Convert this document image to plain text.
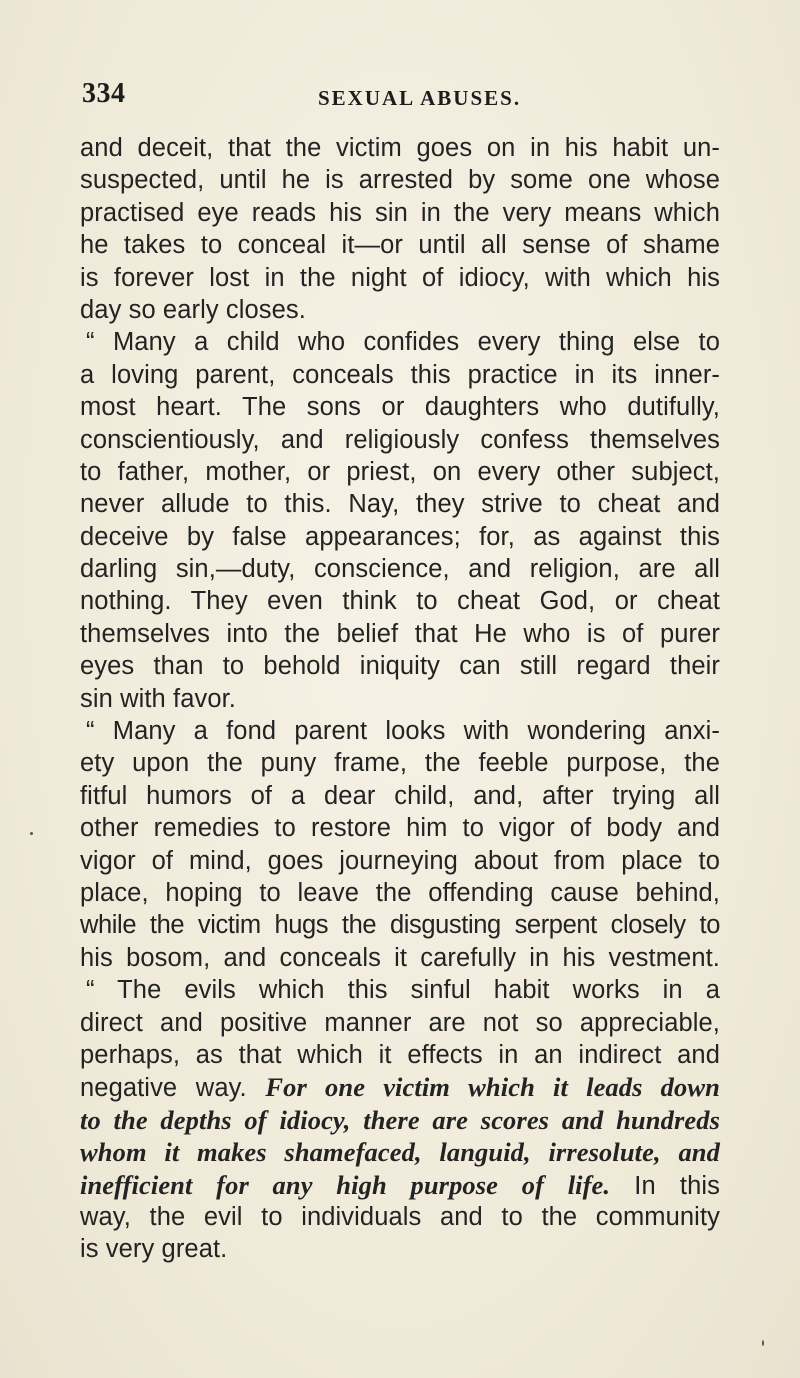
334	SEXUAL ABUSES.
and deceit, that the victim goes on in his habit un-
suspected, until he is arrested by some one whose
practised eye reads his sin in the very means which
he takes to conceal it—or until all sense of shame
is forever lost in the night of idiocy, with which his
day so early closes.
“ Many a child who confides every thing else to
a loving parent, conceals this practice in its inner-
most heart. The sons or daughters who dutifully,
conscientiously, and religiously confess themselves
to father, mother, or priest, on every other subject,
never allude to this. Nay, they strive to cheat and
deceive by false appearances; for, as against this
darling sin,—duty, conscience, and religion, are all
nothing. They even think to cheat God, or cheat
themselves into the belief that He who is of purer
eyes than to behold iniquity can still regard their
sin with favor.
“ Many a fond parent looks with wondering anxi-
ety upon the puny frame, the feeble purpose, the
fitful humors of a dear child, and, after trying all
other remedies to restore him to vigor of body and
vigor of mind, goes journeying about from place to
place, hoping to leave the offending cause behind,
while the victim hugs the disgusting serpent closely to
his bosom, and conceals it carefully in his vestment.
“ The evils which this sinful habit works in a
direct and positive manner are not so appreciable,
perhaps, as that which it effects in an indirect and
negative way. For one victim which it leads down
to the depths of idiocy, there are scores and hundreds
whom it makes shamefaced, languid, irresolute, and
inefficient for any high purpose of life. In this
way, the evil to individuals and to the community
is very great.
